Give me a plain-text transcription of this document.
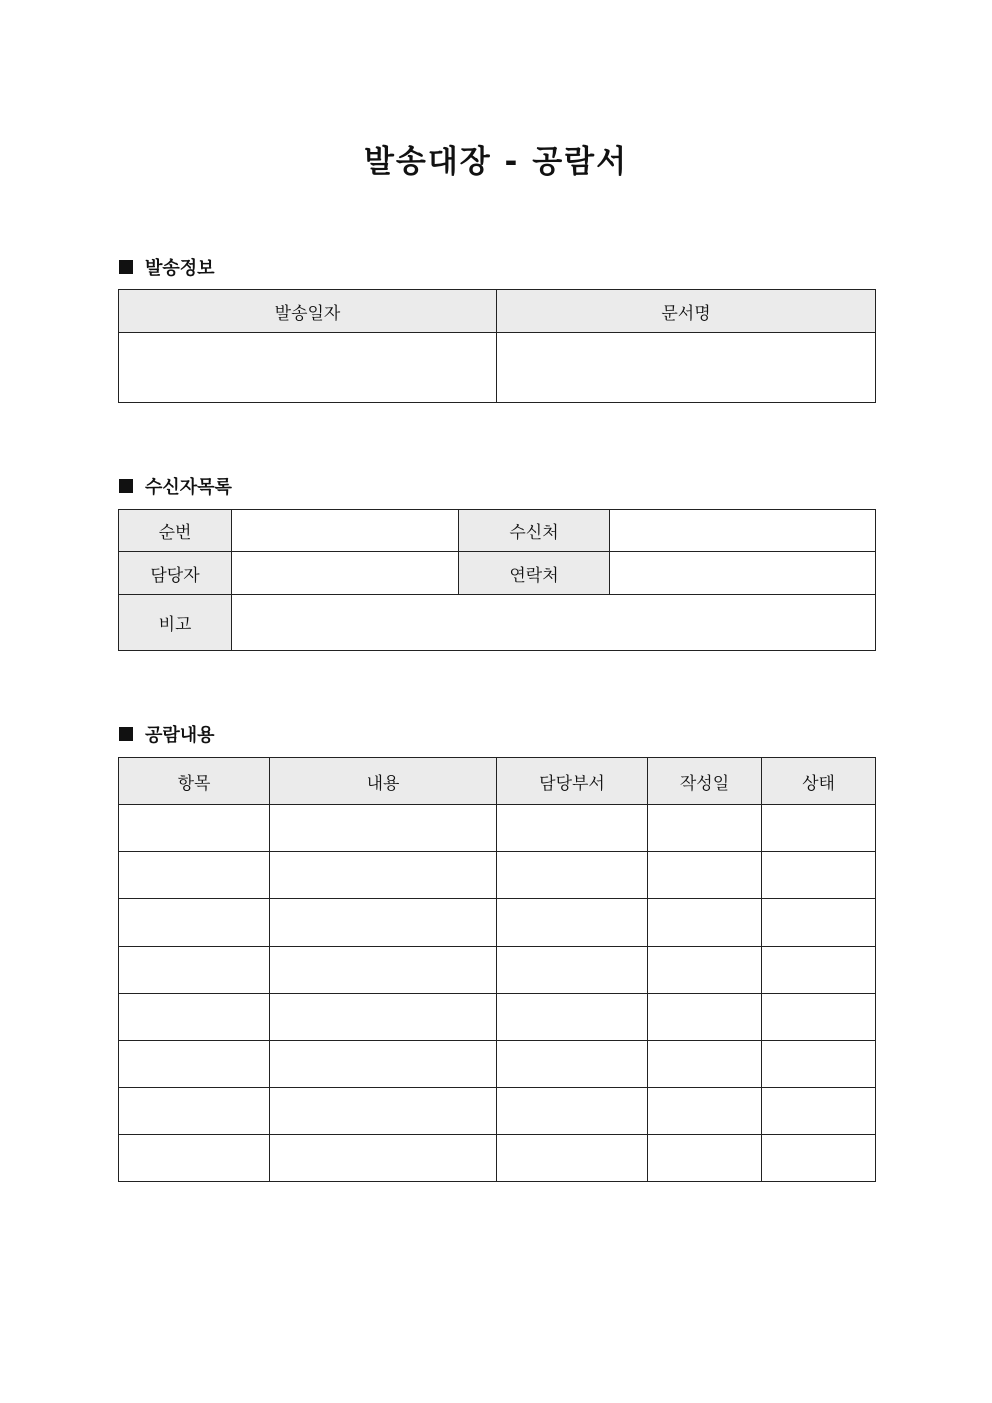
발송대장 - 공람서
발송정보
발송일자	문서명

수신자목록
순번		수신처	
담당자		연락처	
비고			
공람내용
항목	내용	담당부서	작성일	상태
